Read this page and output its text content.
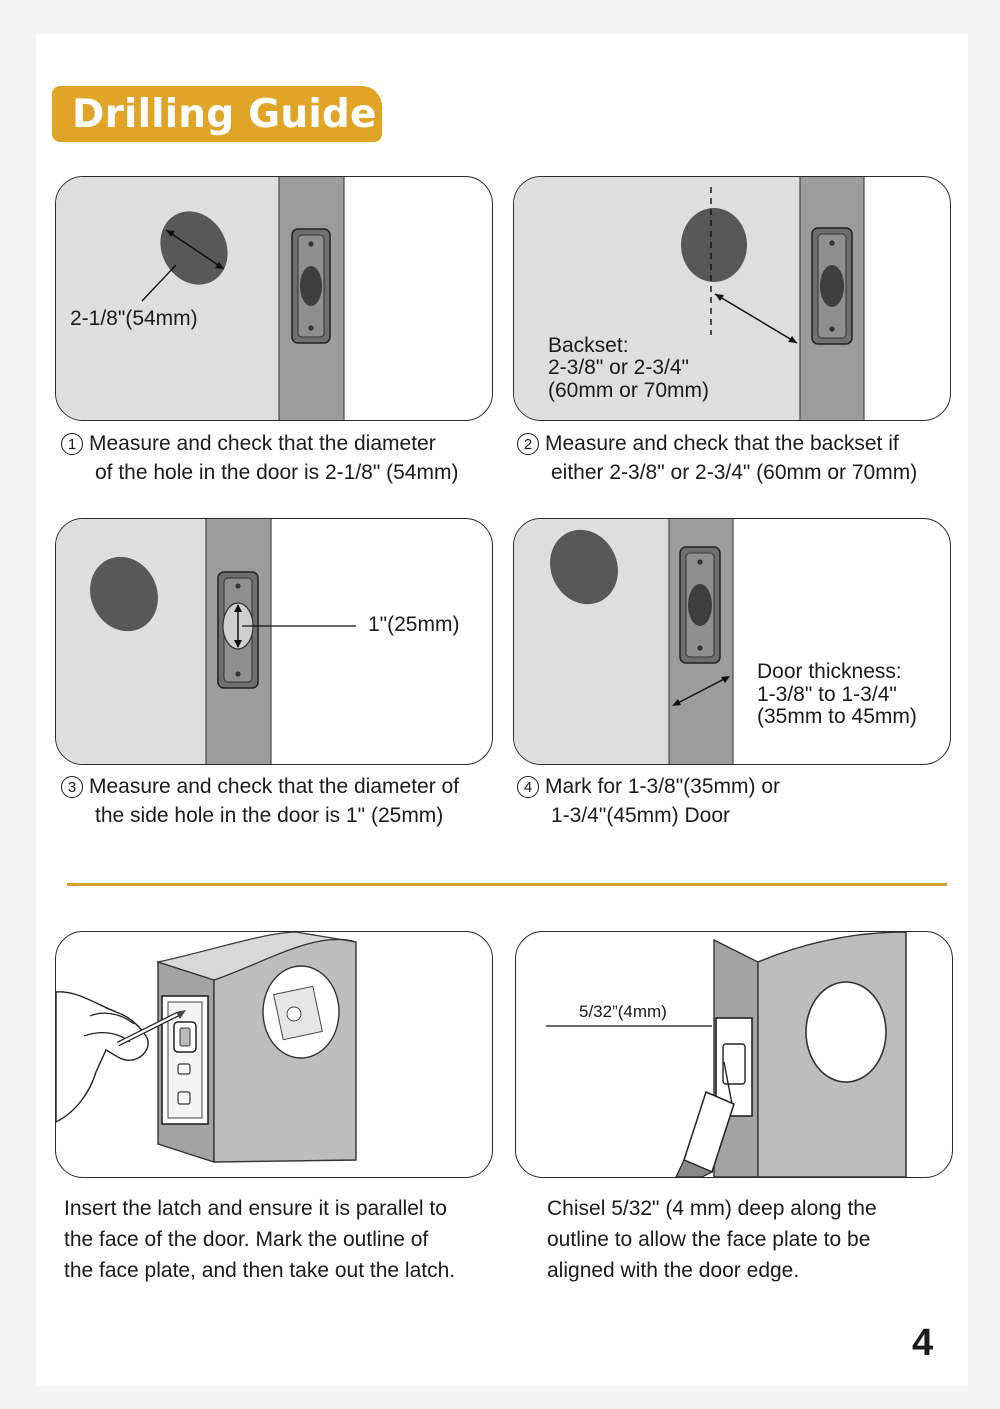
Drilling Guide
2-1/8"(54mm)
1 Measure and check that the diameter
of the hole in the door is 2-1/8" (54mm)
Backset:
2-3/8" or 2-3/4"
(60mm or 70mm)
2 Measure and check that the backset if
either 2-3/8" or 2-3/4" (60mm or 70mm)
1"(25mm)
3 Measure and check that the diameter of
the side hole in the door is 1" (25mm)
Door thickness:
1-3/8" to 1-3/4"
(35mm to 45mm)
4 Mark for 1-3/8"(35mm) or
1-3/4"(45mm) Door
Insert the latch and ensure it is parallel to
the face of the door. Mark the outline of
the face plate, and then take out the latch.
5/32”(4mm)
Chisel 5/32" (4 mm) deep along the
outline to allow the face plate to be
aligned with the door edge.
4
